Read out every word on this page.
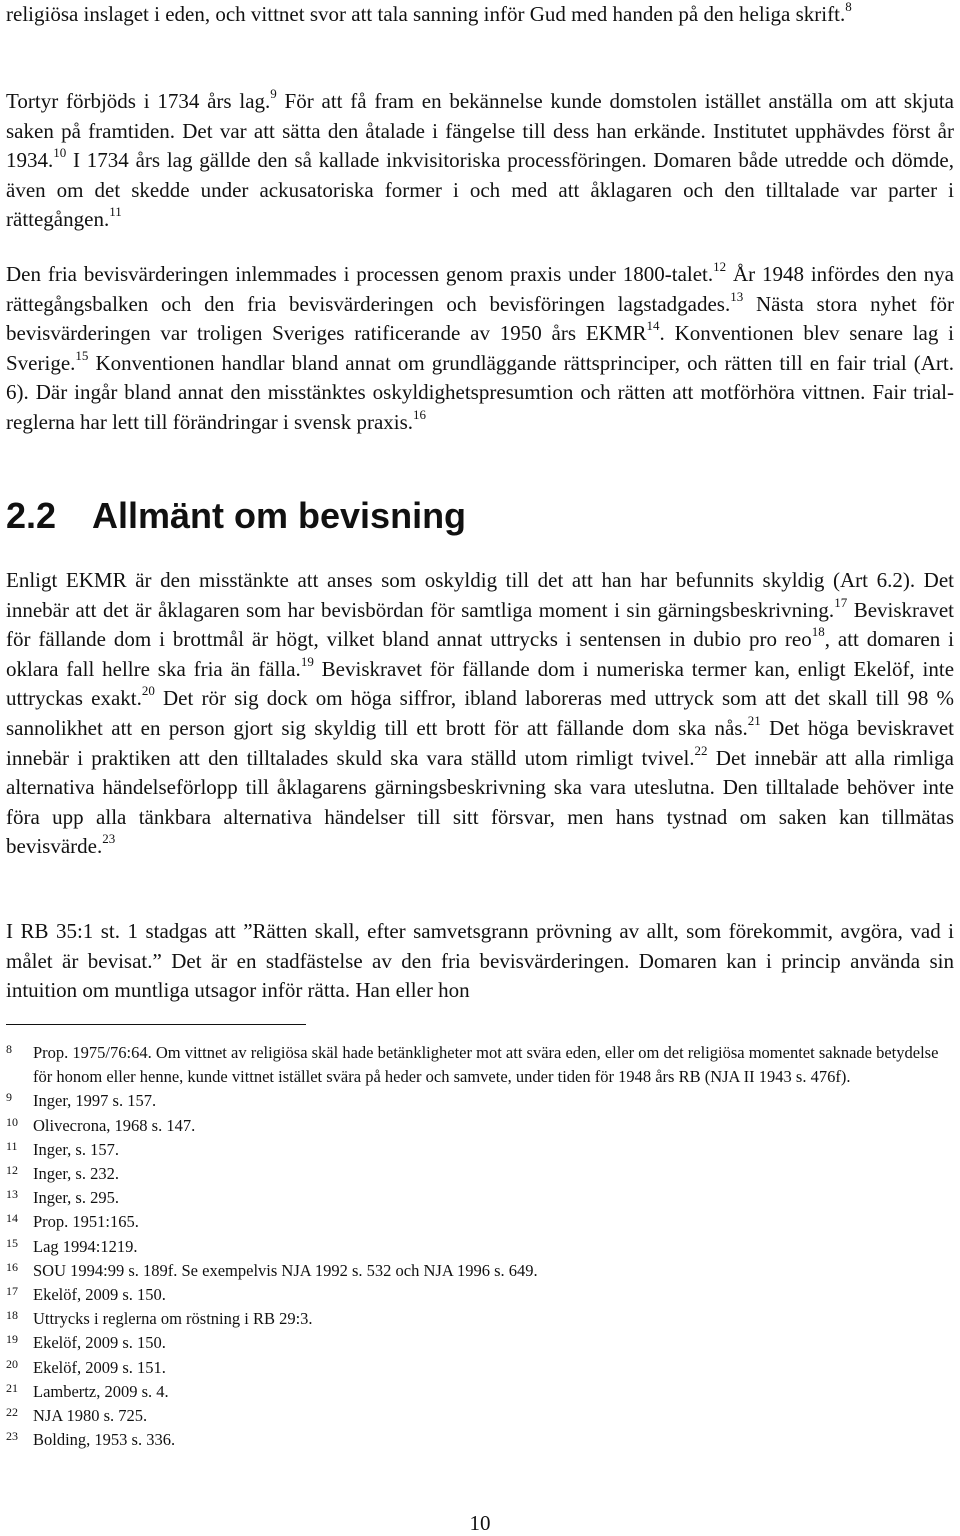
religiösa inslaget i eden, och vittnet svor att tala sanning inför Gud med handen på den heliga skrift.$^8$

Tortyr förbjöds i 1734 års lag.$^9$ För att få fram en bekännelse kunde domstolen istället anställa om att skjuta saken på framtiden. Det var att sätta den åtalade i fängelse till dess han erkände. Institutet upphävdes först år 1934.10 I 1734 års lag gällde den så kallade inkvisitoriska processföringen. Domaren både utredde och dömde, även om det skedde under ackusatoriska former i och med att åklagaren och den tilltalade var parter i rättegången.$^{11}$

Den fria bevisvärderingen inlemmades i processen genom praxis under 1800-talet.$^{12}$ År 1948 infördes den nya rättegångsbalken och den fria bevisvärderingen och bevisföringen lagstadgades.$^{13}$ Nästa stora nyhet för bevisvärderingen var troligen Sveriges ratificerande av 1950 års EKMR$^{14}$. Konventionen blev senare lag i Sverige.$^{15}$ Konventionen handlar bland annat om grundläggande rättsprinciper, och rätten till en fair trial (Art. 6). Där ingår bland annat den misstänktes oskyldighetspresumtion och rätten att motförhöra vittnen. Fair trial-reglerna har lett till förändringar i svensk praxis.$^{16}$

2.2 Allmänt om bevisning

Enligt EKMR är den misstänkte att anses som oskyldig till det att han har befunnits skyldig (Art 6.2). Det innebär att det är åklagaren som har bevisbördan för samtliga moment i sin gärningsbeskrivning.$^{17}$ Beviskravet för fällande dom i brottmål är högt, vilket bland annat uttrycks i sentensen in dubio pro reo$^{18}$, att domaren i oklara fall hellre ska fria än fälla.$^{19}$ Beviskravet för fällande dom i numeriska termer kan, enligt Ekelöf, inte uttryckas exakt.$^{20}$ Det rör sig dock om höga siffror, ibland laboreras med uttryck som att det skall till 98 % sannolikhet att en person gjort sig skyldig till ett brott för att fällande dom ska nås.$^{21}$ Det höga beviskravet innebär i praktiken att den tilltalades skuld ska vara ställd utom rimligt tvivel.$^{22}$ Det innebär att alla rimliga alternativa händelseförlopp till åklagarens gärningsbeskrivning ska vara uteslutna. Den tilltalade behöver inte föra upp alla tänkbara alternativa händelser till sitt försvar, men hans tystnad om saken kan tillmätas bevisvärde.$^{23}$

I RB 35:1 st. 1 stadgas att ”Rätten skall, efter samvetsgrann prövning av allt, som förekommit, avgöra, vad i målet är bevisat.” Det är en stadfästelse av den fria bevisvärderingen. Domaren kan i princip använda sin intuition om muntliga utsagor inför rätta. Han eller hon

8 Prop. 1975/76:64. Om vittnet av religiösa skäl hade betänkligheter mot att svära eden, eller om det religiösa momentet saknade betydelse för honom eller henne, kunde vittnet istället svära på heder och samvete, under tiden för 1948 års RB (NJA II 1943 s. 476f).
9 Inger, 1997 s. 157.
10 Olivecrona, 1968 s. 147.
11 Inger, s. 157.
12 Inger, s. 232.
13 Inger, s. 295.
14 Prop. 1951:165.
15 Lag 1994:1219.
16 SOU 1994:99 s. 189f. Se exempelvis NJA 1992 s. 532 och NJA 1996 s. 649.
17 Ekelöf, 2009 s. 150.
18 Uttrycks i reglerna om röstning i RB 29:3.
19 Ekelöf, 2009 s. 150.
20 Ekelöf, 2009 s. 151.
21 Lambertz, 2009 s. 4.
22 NJA 1980 s. 725.
23 Bolding, 1953 s. 336.
10
